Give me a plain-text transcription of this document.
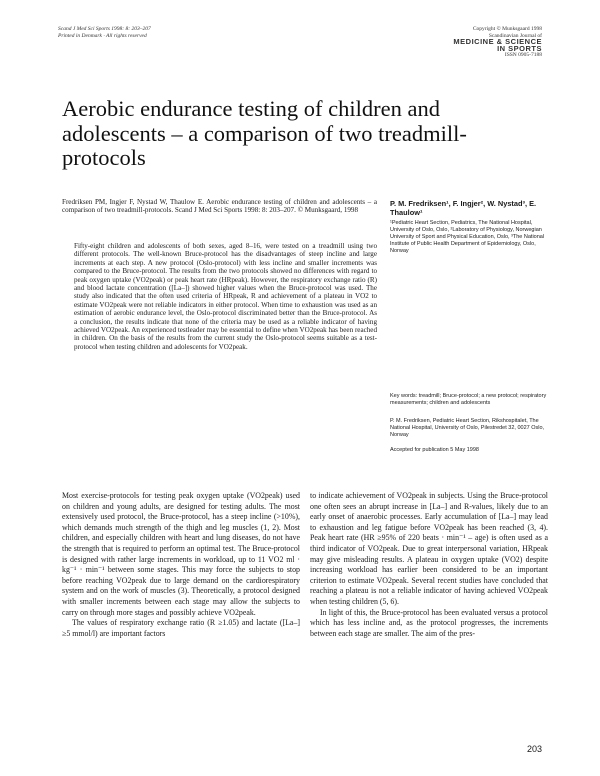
Scand J Med Sci Sports 1998: 8: 203–207
Printed in Denmark · All rights reserved
Copyright © Munksgaard 1998
Scandinavian Journal of
MEDICINE & SCIENCE
IN SPORTS
ISSN 0905-7188
Aerobic endurance testing of children and adolescents – a comparison of two treadmill-protocols
Fredriksen PM, Ingjer F, Nystad W, Thaulow E. Aerobic endurance testing of children and adolescents – a comparison of two treadmill-protocols. Scand J Med Sci Sports 1998: 8: 203–207. © Munksgaard, 1998
Fifty-eight children and adolescents of both sexes, aged 8–16, were tested on a treadmill using two different protocols. The well-known Bruce-protocol has the disadvantages of steep incline and large increments at each step. A new protocol (Oslo-protocol) with less incline and smaller increments was compared to the Bruce-protocol. The results from the two protocols showed no differences with regard to peak oxygen uptake (VO2peak) or peak heart rate (HRpeak). However, the respiratory exchange ratio (R) and blood lactate concentration ([La–]) showed higher values when the Bruce-protocol was used. The study also indicated that the often used criteria of HRpeak, R and achievement of a plateau in VO2 to estimate VO2peak were not reliable indicators in either protocol. When time to exhaustion was used as an estimation of aerobic endurance level, the Oslo-protocol discriminated better than the Bruce-protocol. As a conclusion, the results indicate that none of the criteria may be used as a reliable indicator of having achieved VO2peak. An experienced testleader may be essential to define when VO2peak has been reached in children. On the basis of the results from the current study the Oslo-protocol seems suitable as a test-protocol when testing children and adolescents for VO2peak.
P. M. Fredriksen¹, F. Ingjer², W. Nystad³, E. Thaulow¹
¹Pediatric Heart Section, Pediatrics, The National Hospital, University of Oslo, Oslo, ²Laboratory of Physiology, Norwegian University of Sport and Physical Education, Oslo, ³The National Institute of Public Health Department of Epidemiology, Oslo, Norway
Key words: treadmill; Bruce-protocol; a new protocol; respiratory measurements; children and adolescents
P. M. Fredriksen, Pediatric Heart Section, Rikshospitalet, The National Hospital, University of Oslo, Pilestredet 32, 0027 Oslo, Norway
Accepted for publication 5 May 1998

Most exercise-protocols for testing peak oxygen uptake (VO2peak) used on children and young adults, are designed for testing adults. The most extensively used protocol, the Bruce-protocol, has a steep incline (>10%), which demands much strength of the thigh and leg muscles (1, 2). Most children, and especially children with heart and lung diseases, do not have the strength that is required to perform an optimal test. The Bruce-protocol is designed with rather large increments in workload, up to 11 VO2 ml · kg⁻¹ · min⁻¹ between some stages. This may force the subjects to stop before reaching VO2peak due to large demand on the cardiorespiratory system and on the work of muscles (3). Theoretically, a protocol designed with smaller increments between each stage may allow the subjects to carry on through more stages and possibly achieve VO2peak.

The values of respiratory exchange ratio (R ≥1.05) and lactate ([La–] ≥5 mmol/l) are important factors

to indicate achievement of VO2peak in subjects. Using the Bruce-protocol one often sees an abrupt increase in [La–] and R-values, likely due to an early onset of anaerobic processes. Early accumulation of [La–] may lead to exhaustion and leg fatigue before VO2peak has been reached (3, 4). Peak heart rate (HR ≥95% of 220 beats · min⁻¹ – age) is often used as a third indicator of VO2peak. Due to great interpersonal variation, HRpeak may give misleading results. A plateau in oxygen uptake (VO2) despite increasing workload has earlier been considered to be an important criterion to estimate VO2peak. Several recent studies have concluded that reaching a plateau is not a reliable indicator of having achieved VO2peak when testing children (5, 6).

In light of this, the Bruce-protocol has been evaluated versus a protocol which has less incline and, as the protocol progresses, the increments between each stage are smaller. The aim of the pres-

203
